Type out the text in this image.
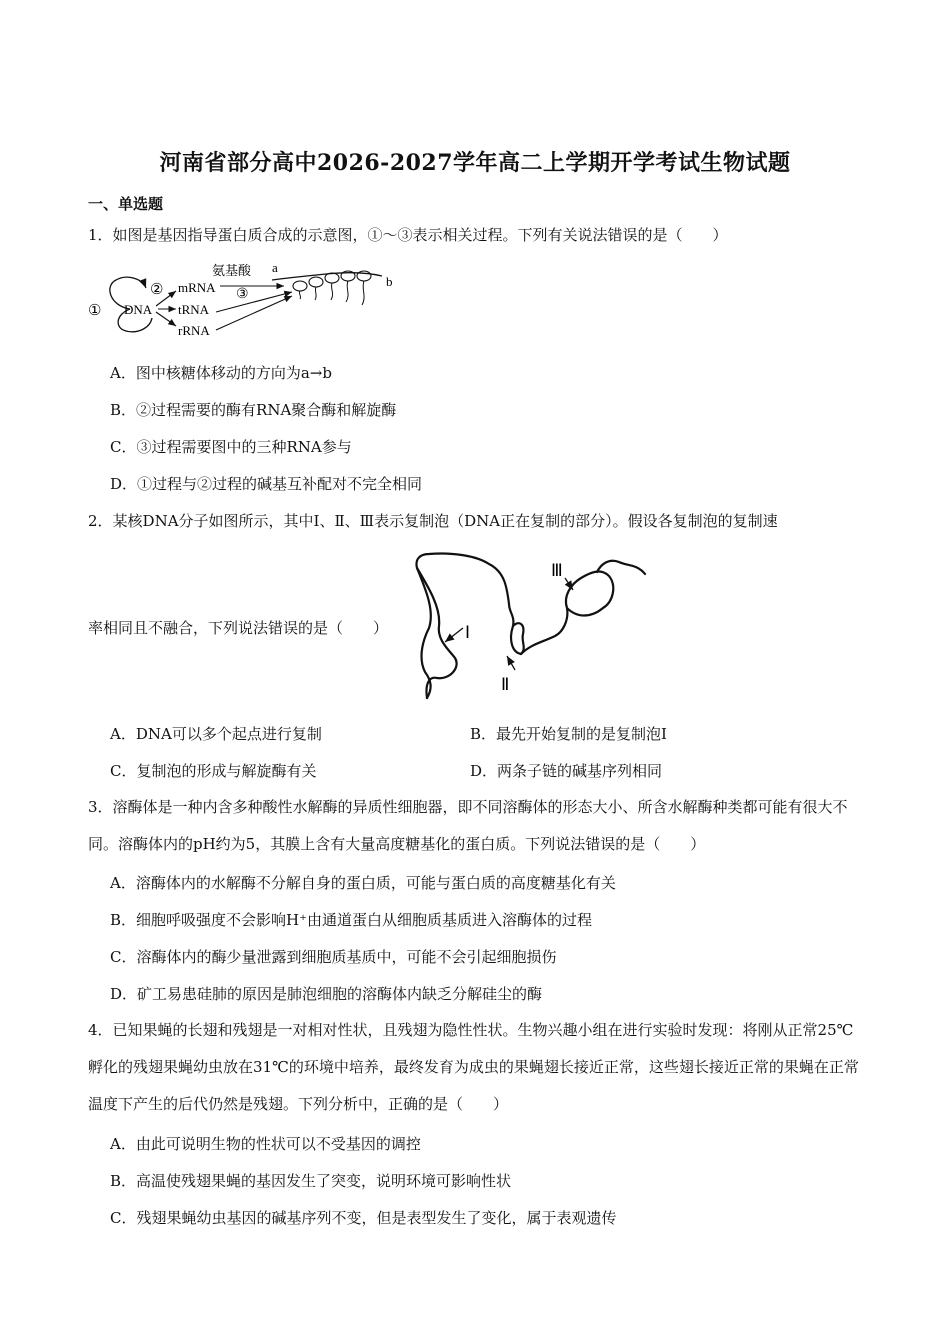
河南省部分高中2026-2027学年高二上学期开学考试生物试题
一、单选题
1．如图是基因指导蛋白质合成的示意图，①～③表示相关过程。下列有关说法错误的是（　　）
① DNA
② mRNA
tRNA
rRNA
氨基酸 a
③
b
A．图中核糖体移动的方向为a→b
B．②过程需要的酶有RNA聚合酶和解旋酶
C．③过程需要图中的三种RNA参与
D．①过程与②过程的碱基互补配对不完全相同
2．某核DNA分子如图所示，其中Ⅰ、Ⅱ、Ⅲ表示复制泡（DNA正在复制的部分）。假设各复制泡的复制速
率相同且不融合，下列说法错误的是（　　）	Ⅰ
Ⅱ
Ⅲ
A．DNA可以多个起点进行复制	B．最先开始复制的是复制泡Ⅰ
C．复制泡的形成与解旋酶有关	D．两条子链的碱基序列相同
3．溶酶体是一种内含多种酸性水解酶的异质性细胞器，即不同溶酶体的形态大小、所含水解酶种类都可能有很大不同。溶酶体内的pH约为5，其膜上含有大量高度糖基化的蛋白质。下列说法错误的是（　　）
A．溶酶体内的水解酶不分解自身的蛋白质，可能与蛋白质的高度糖基化有关
B．细胞呼吸强度不会影响H⁺由通道蛋白从细胞质基质进入溶酶体的过程
C．溶酶体内的酶少量泄露到细胞质基质中，可能不会引起细胞损伤
D．矿工易患硅肺的原因是肺泡细胞的溶酶体内缺乏分解硅尘的酶
4．已知果蝇的长翅和残翅是一对相对性状，且残翅为隐性性状。生物兴趣小组在进行实验时发现：将刚从正常25℃孵化的残翅果蝇幼虫放在31℃的环境中培养，最终发育为成虫的果蝇翅长接近正常，这些翅长接近正常的果蝇在正常温度下产生的后代仍然是残翅。下列分析中，正确的是（　　）
A．由此可说明生物的性状可以不受基因的调控
B．高温使残翅果蝇的基因发生了突变，说明环境可影响性状
C．残翅果蝇幼虫基因的碱基序列不变，但是表型发生了变化，属于表观遗传
